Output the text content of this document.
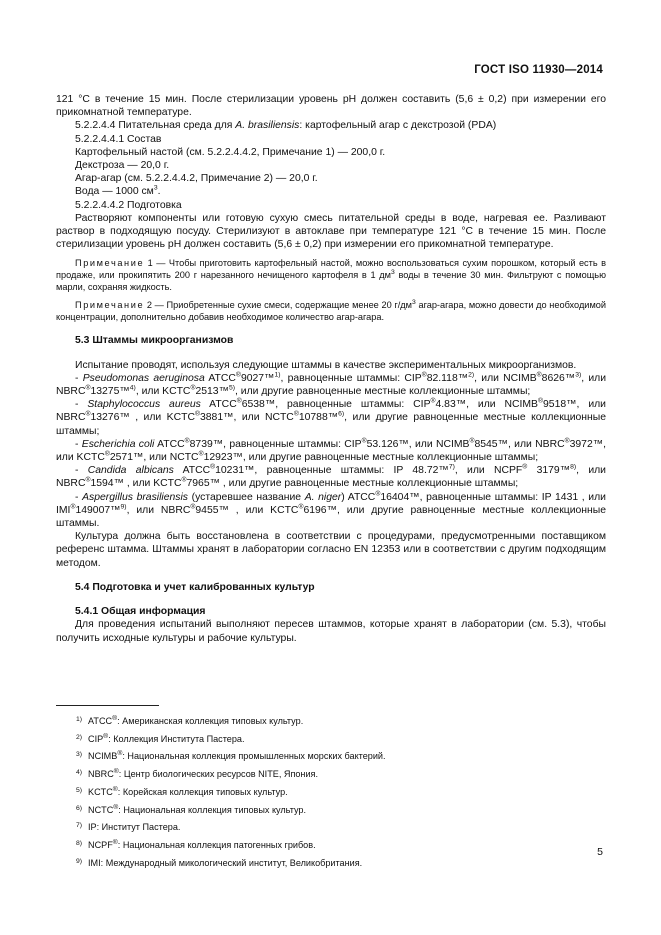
ГОСТ ISO 11930—2014

121 °C в течение 15 мин. После стерилизации уровень pH должен составить (5,6 ± 0,2) при измерении его прикомнатной температуре.

5.2.2.4.4 Питательная среда для A. brasiliensis: картофельный агар с декстрозой (PDA)

5.2.2.4.4.1 Состав

Картофельный настой (см. 5.2.2.4.4.2, Примечание 1) — 200,0 г.

Декстроза — 20,0 г.

Агар-агар (см. 5.2.2.4.4.2, Примечание 2) — 20,0 г.

Вода — 1000 $см^3$.

5.2.2.4.4.2 Подготовка

Растворяют компоненты или готовую сухую смесь питательной среды в воде, нагревая ее. Разливают раствор в подходящую посуду. Стерилизуют в автоклаве при температуре 121 °C в течение 15 мин. После стерилизации уровень pH должен составить (5,6 ± 0,2) при измерении его прикомнатной температуре.

Примечание 1 — Чтобы приготовить картофельный настой, можно воспользоваться сухим порошком, который есть в продаже, или прокипятить 200 г нарезанного нечищеного картофеля в 1 $дм^3$ воды в течение 30 мин. Фильтруют с помощью марли, сохраняя жидкость.

Примечание 2 — Приобретенные сухие смеси, содержащие менее 20 $г/дм^3$ агар-агара, можно довести до необходимой концентрации, дополнительно добавив необходимое количество агар-агара.

5.3 Штаммы микроорганизмов

Испытание проводят, используя следующие штаммы в качестве экспериментальных микроорганизмов.

- Pseudomonas aeruginosa ATCC®9027™$^{1)}$, равноценные штаммы: CIP®82.118™$^{2)}$, или NCIMB®8626™$^{3)}$, или NBRC®13275™$^{4)}$, или KCTC®2513™$^{5)}$, или другие равноценные местные коллекционные штаммы;

- Staphylococcus aureus ATCC®6538™, равноценные штаммы: CIP®4.83™, или NCIMB®9518™, или NBRC®13276™ , или KCTC®3881™, или NCTC®10788™$^{6)}$, или другие равноценные местные коллекционные штаммы;

- Escherichia coli ATCC®8739™, равноценные штаммы: CIP®53.126™, или NCIMB®8545™, или NBRC®3972™, или KCTC®2571™, или NCTC®12923™, или другие равноценные местные коллекционные штаммы;

- Candida albicans ATCC®10231™, равноценные штаммы: IP 48.72™$^{7)}$, или NCPF® 3179™$^{8)}$, или NBRC®1594™ , или KCTC®7965™ , или другие равноценные местные коллекционные штаммы;

- Aspergillus brasiliensis (устаревшее название A. niger) ATCC®16404™, равноценные штаммы: IP 1431 , или IMI®149007™$^{9)}$, или NBRC®9455™ , или KCTC®6196™, или другие равноценные местные коллекционные штаммы.

Культура должна быть восстановлена в соответствии с процедурами, предусмотренными поставщиком референс штамма. Штаммы хранят в лаборатории согласно EN 12353 или в соответствии с другим подходящим методом.

5.4 Подготовка и учет калиброванных культур

5.4.1 Общая информация

Для проведения испытаний выполняют пересев штаммов, которые хранят в лаборатории (см. 5.3), чтобы получить исходные культуры и рабочие культуры.

1) ATCC®: Американская коллекция типовых культур.
2) CIP®: Коллекция Института Пастера.
3) NCIMB®: Национальная коллекция промышленных морских бактерий.
4) NBRC®: Центр биологических ресурсов NITE, Япония.
5) KCTC®: Корейская коллекция типовых культур.
6) NCTC®: Национальная коллекция типовых культур.
7) IP: Институт Пастера.
8) NCPF®: Национальная коллекция патогенных грибов.
9) IMI: Международный микологический институт, Великобритания.
5
